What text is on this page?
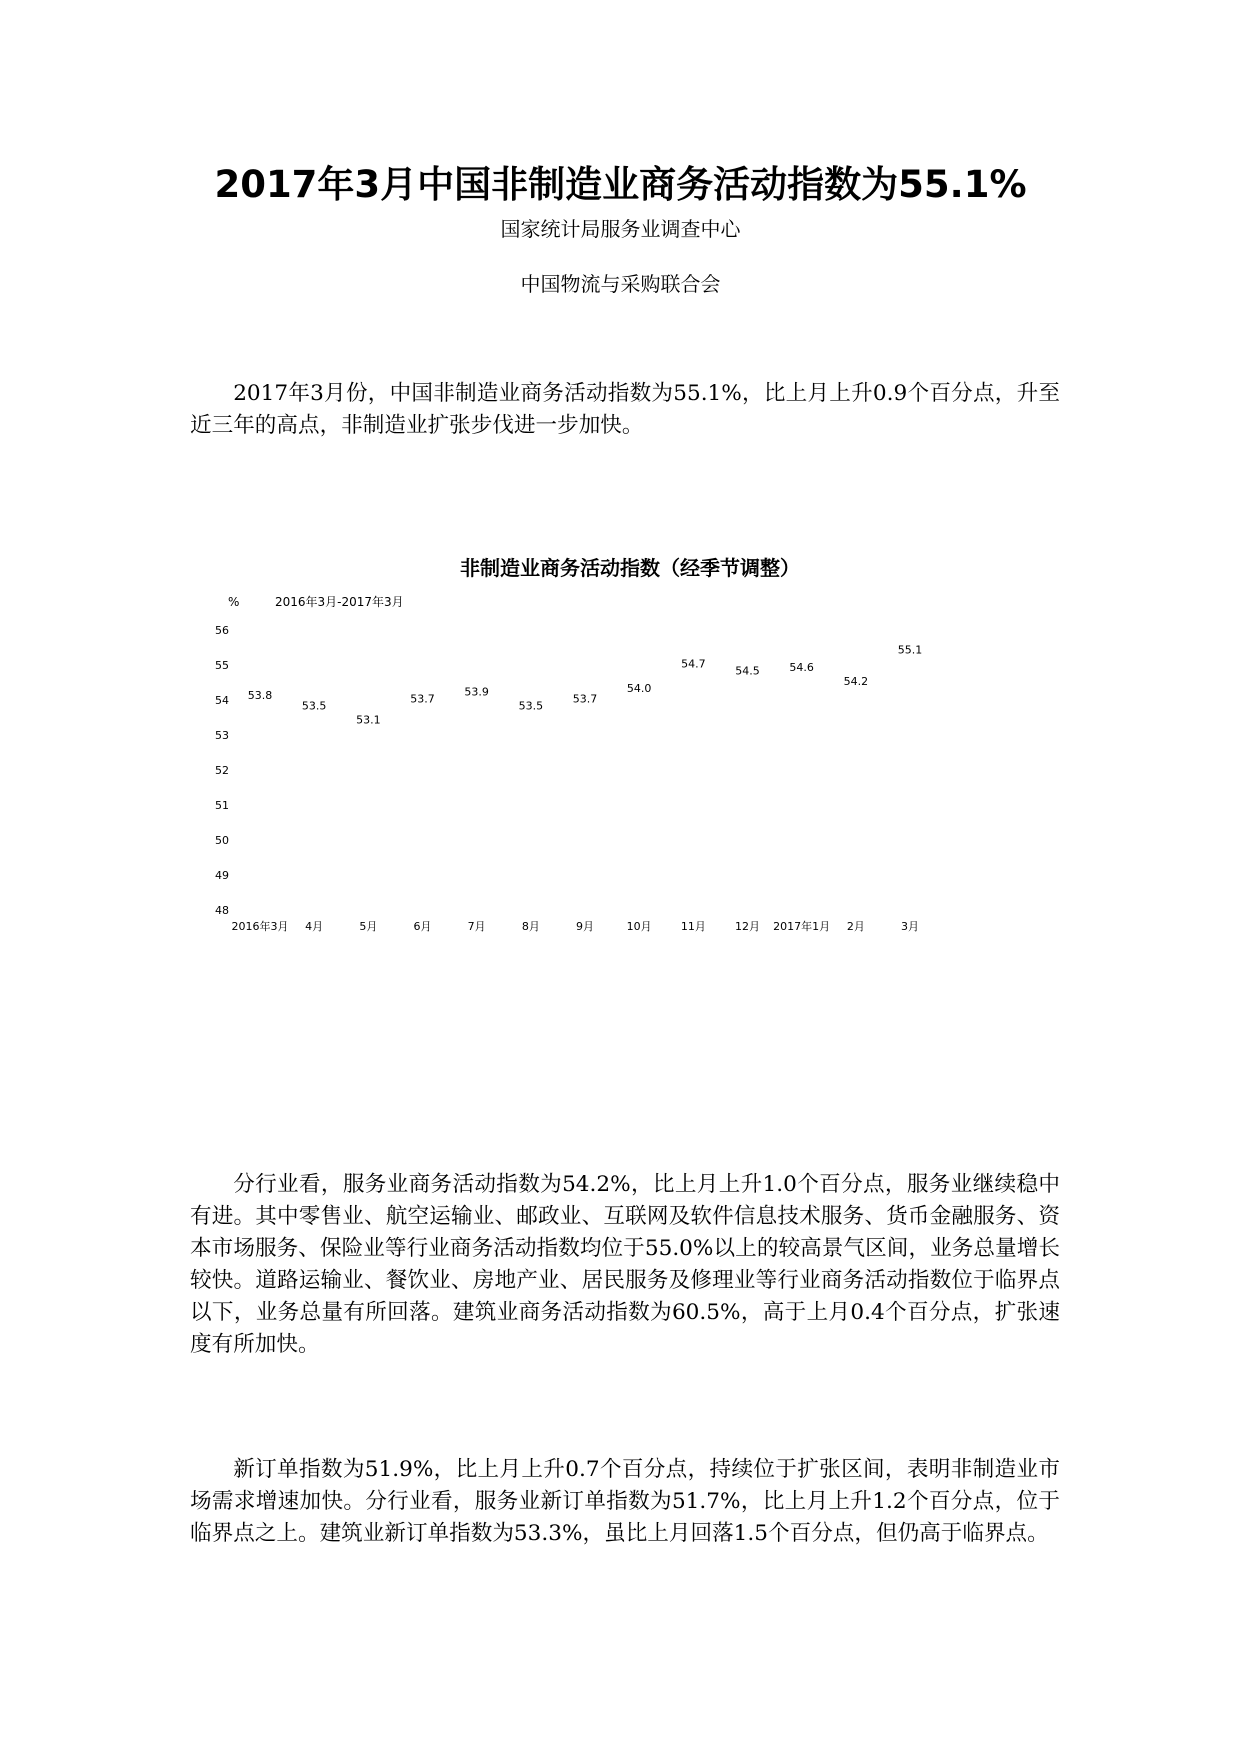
2017年3月中国非制造业商务活动指数为55.1%

国家统计局服务业调查中心

中国物流与采购联合会

2017年3月份，中国非制造业商务活动指数为55.1%，比上月上升0.9个百分点，升至近三年的高点，非制造业扩张步伐进一步加快。

非制造业商务活动指数（经季节调整）
%	2016年3月-2017年3月
56
55
54
53
52
51
50
49
48
53.8
53.5
53.1
53.7
53.9
53.5
53.7
54.0
54.7
54.5	54.6
54.2
55.1
2016年3月 4月	5月	6月	7月	8月	9月	10月	11月	12月 2017年1月 2月	3月

分行业看，服务业商务活动指数为54.2%，比上月上升1.0个百分点，服务业继续稳中有进。其中零售业、航空运输业、邮政业、互联网及软件信息技术服务、货币金融服务、资本市场服务、保险业等行业商务活动指数均位于55.0%以上的较高景气区间，业务总量增长较快。道路运输业、餐饮业、房地产业、居民服务及修理业等行业商务活动指数位于临界点以下，业务总量有所回落。建筑业商务活动指数为60.5%，高于上月0.4个百分点，扩张速度有所加快。

新订单指数为51.9%，比上月上升0.7个百分点，持续位于扩张区间，表明非制造业市场需求增速加快。分行业看，服务业新订单指数为51.7%，比上月上升1.2个百分点，位于临界点之上。建筑业新订单指数为53.3%，虽比上月回落1.5个百分点，但仍高于临界点。
